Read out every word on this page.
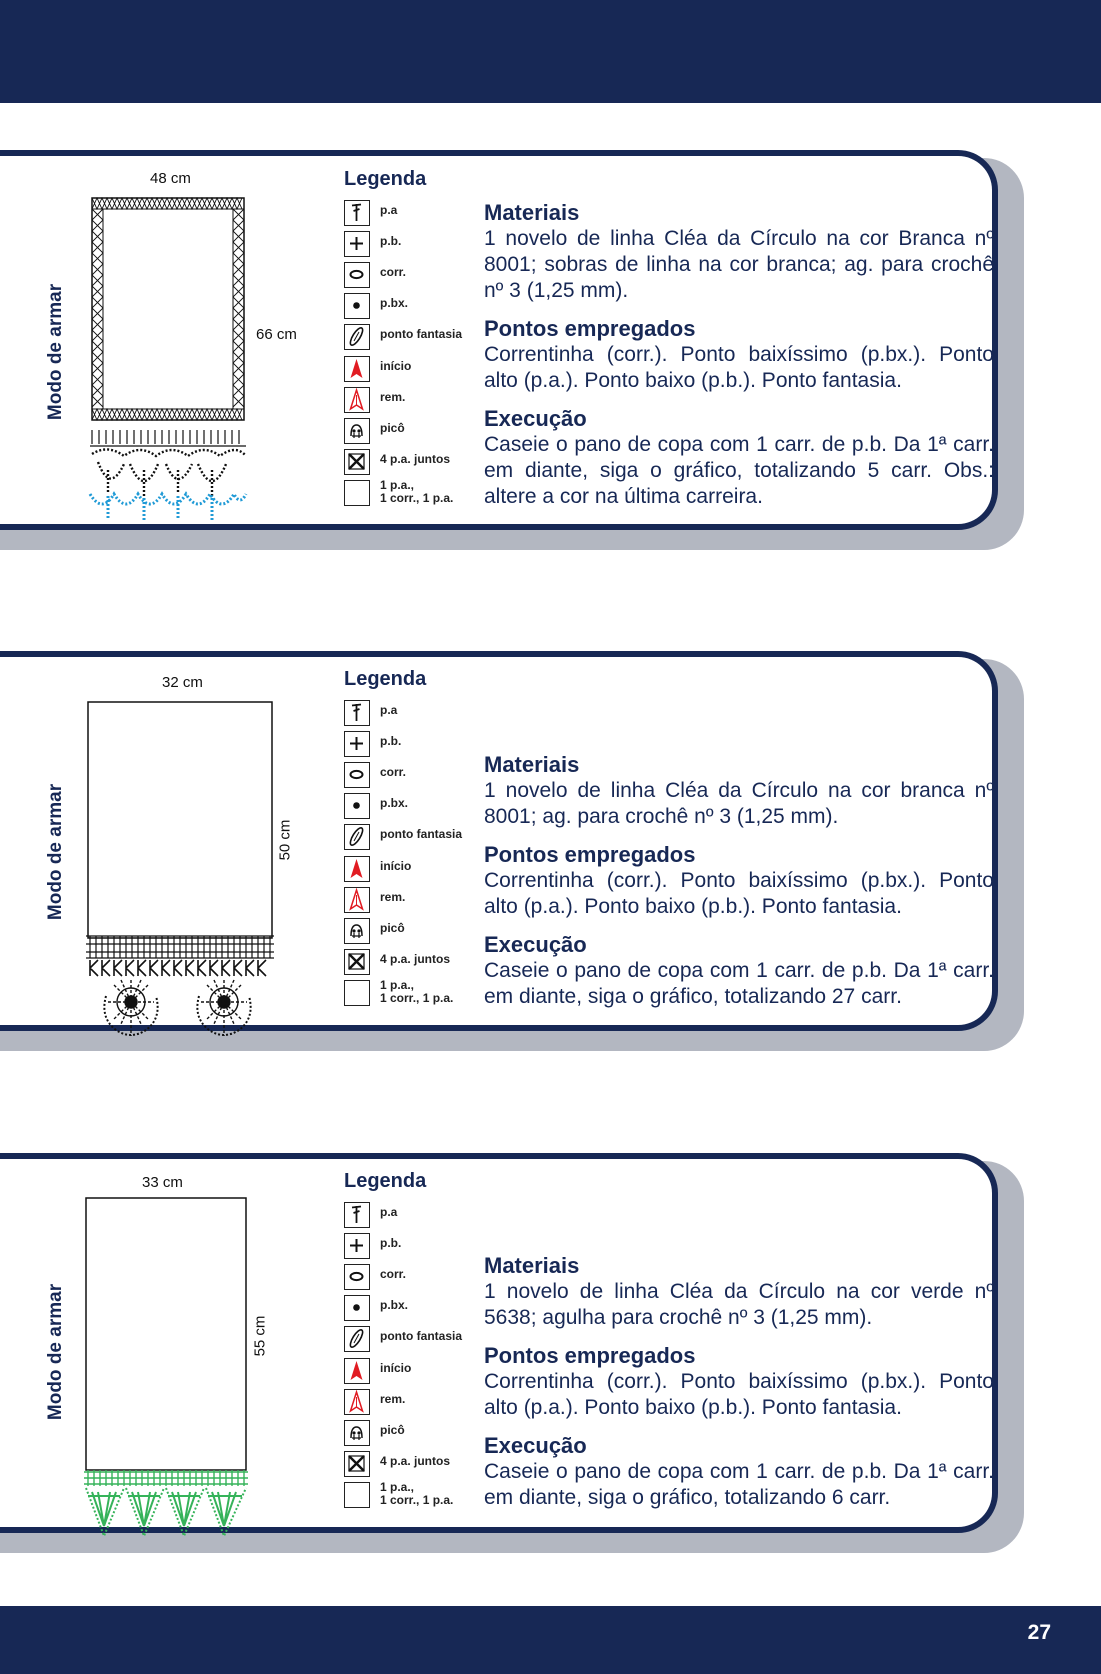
Modo de armar
48 cm
66 cm
Legenda
Materiais
1 novelo de linha Cléa da Círculo na cor Branca nº 8001; sobras de linha na cor branca; ag. para crochê nº 3 (1,25 mm).
Pontos empregados
Correntinha (corr.). Ponto baixíssimo (p.bx.). Ponto alto (p.a.). Ponto baixo (p.b.). Ponto fantasia.
Execução
Caseie o pano de copa com 1 carr. de p.b. Da 1ª carr. em diante, siga o gráfico, totalizando 5 carr. Obs.: altere a cor na última carreira.
Modo de armar
32 cm
50 cm
Legenda
Materiais
1 novelo de linha Cléa da Círculo na cor branca nº 8001; ag. para crochê nº 3 (1,25 mm).
Pontos empregados
Correntinha (corr.). Ponto baixíssimo (p.bx.). Ponto alto (p.a.). Ponto baixo (p.b.). Ponto fantasia.
Execução
Caseie o pano de copa com 1 carr. de p.b. Da 1ª carr. em diante, siga o gráfico, totalizando 27 carr.
Modo de armar
33 cm
55 cm
Legenda
Materiais
1 novelo de linha Cléa da Círculo na cor verde nº 5638; agulha para crochê nº 3 (1,25 mm).
Pontos empregados
Correntinha (corr.). Ponto baixíssimo (p.bx.). Ponto alto (p.a.). Ponto baixo (p.b.). Ponto fantasia.
Execução
Caseie o pano de copa com 1 carr. de p.b. Da 1ª carr. em diante, siga o gráfico, totalizando 6 carr.
27
p.a
p.b.
corr.
p.bx.
ponto fantasia
início
rem.
picô
4 p.a. juntos
1 p.a.,
1 corr., 1 p.a.
p.a
p.b.
corr.
p.bx.
ponto fantasia
início
rem.
picô
4 p.a. juntos
1 p.a.,
1 corr., 1 p.a.
p.a
p.b.
corr.
p.bx.
ponto fantasia
início
rem.
picô
4 p.a. juntos
1 p.a.,
1 corr., 1 p.a.
